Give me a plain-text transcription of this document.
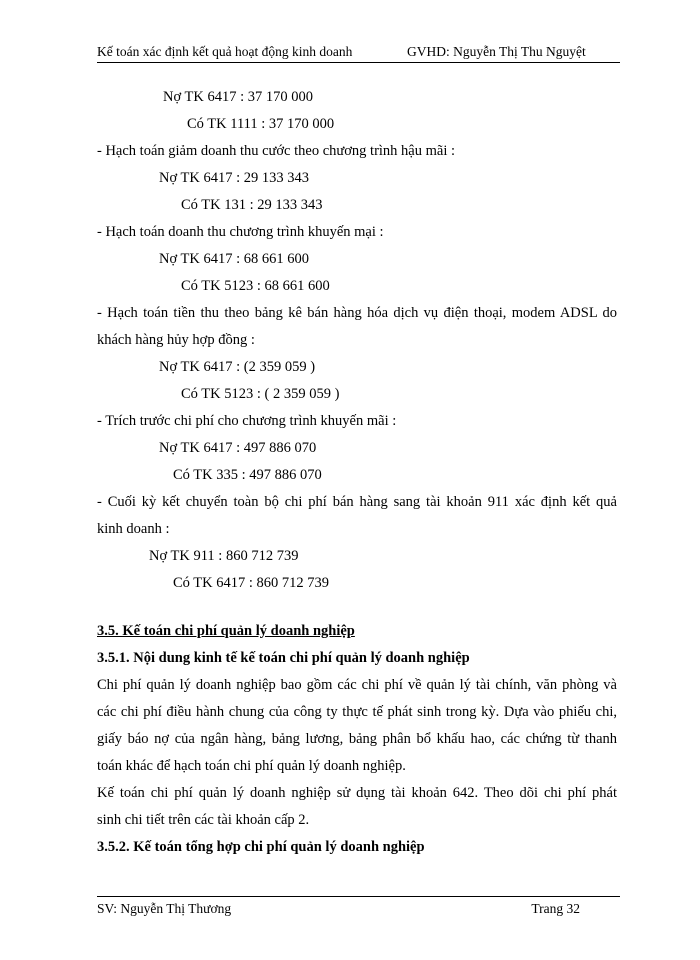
Kế toán xác định kết quả hoạt động kinh doanh	GVHD: Nguyễn Thị Thu Nguyệt
Nợ TK 6417 : 37 170 000
Có TK 1111 : 37 170 000
- Hạch toán giảm doanh thu cước theo chương trình hậu mãi :
Nợ TK 6417 : 29 133 343
Có TK 131 : 29 133 343
- Hạch toán doanh thu chương trình khuyến mại :
Nợ TK 6417 : 68 661 600
Có TK 5123 : 68 661 600
- Hạch toán tiền thu theo bảng kê bán hàng hóa dịch vụ điện thoại, modem ADSL do
khách hàng hủy hợp đồng :
Nợ TK 6417 : (2 359 059 )
Có TK 5123 : ( 2 359 059 )
- Trích trước chi phí cho chương trình khuyến mãi :
Nợ TK 6417 : 497 886 070
Có TK 335 : 497 886 070
- Cuối kỳ kết chuyển toàn bộ chi phí bán hàng sang tài khoản 911 xác định kết quả
kinh doanh :
Nợ TK 911 : 860 712 739
Có TK 6417 : 860 712 739
3.5. Kế toán chi phí quản lý doanh nghiệp
3.5.1. Nội dung kinh tế kế toán chi phí quản lý doanh nghiệp
Chi phí quản lý doanh nghiệp bao gồm các chi phí về quản lý tài chính, văn phòng và
các chi phí điều hành chung của công ty thực tế phát sinh trong kỳ. Dựa vào phiếu chi,
giấy báo nợ của ngân hàng, bảng lương, bảng phân bổ khấu hao, các chứng từ thanh
toán khác để hạch toán chi phí quản lý doanh nghiệp.
Kế toán chi phí quản lý doanh nghiệp sử dụng tài khoản 642. Theo dõi chi phí phát
sinh chi tiết trên các tài khoản cấp 2.
3.5.2. Kế toán tổng hợp chi phí quản lý doanh nghiệp
SV: Nguyễn Thị Thương	Trang 32
